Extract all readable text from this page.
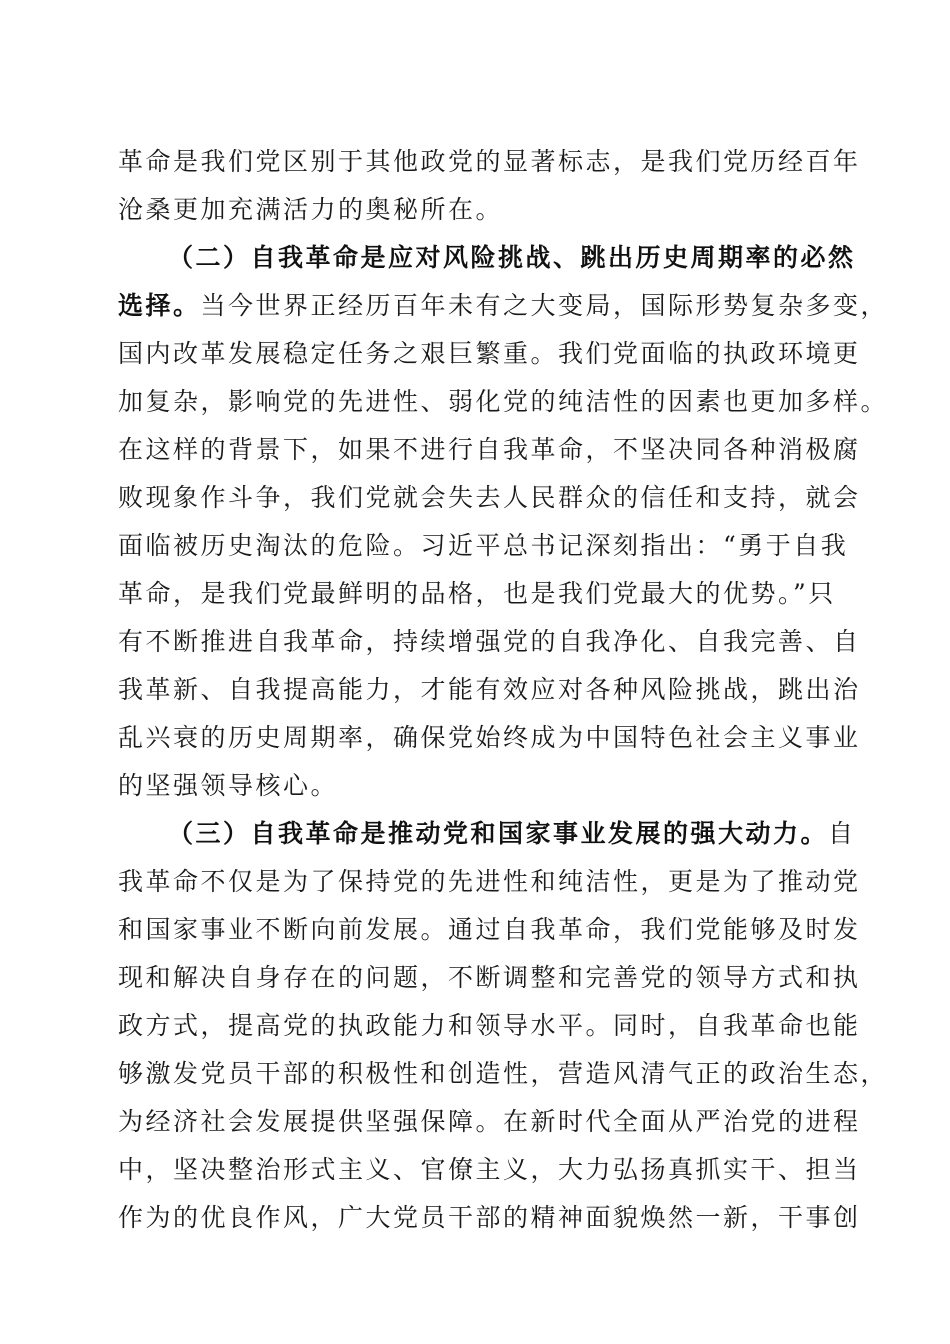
革命是我们党区别于其他政党的显著标志，是我们党历经百年
沧桑更加充满活力的奥秘所在。
（二）自我革命是应对风险挑战、跳出历史周期率的必然
选择。当今世界正经历百年未有之大变局，国际形势复杂多变，
国内改革发展稳定任务之艰巨繁重。我们党面临的执政环境更
加复杂，影响党的先进性、弱化党的纯洁性的因素也更加多样。
在这样的背景下，如果不进行自我革命，不坚决同各种消极腐
败现象作斗争，我们党就会失去人民群众的信任和支持，就会
面临被历史淘汰的危险。习近平总书记深刻指出：“勇于自我
革命，是我们党最鲜明的品格，也是我们党最大的优势。”只
有不断推进自我革命，持续增强党的自我净化、自我完善、自
我革新、自我提高能力，才能有效应对各种风险挑战，跳出治
乱兴衰的历史周期率，确保党始终成为中国特色社会主义事业
的坚强领导核心。
（三）自我革命是推动党和国家事业发展的强大动力。自
我革命不仅是为了保持党的先进性和纯洁性，更是为了推动党
和国家事业不断向前发展。通过自我革命，我们党能够及时发
现和解决自身存在的问题，不断调整和完善党的领导方式和执
政方式，提高党的执政能力和领导水平。同时，自我革命也能
够激发党员干部的积极性和创造性，营造风清气正的政治生态，
为经济社会发展提供坚强保障。在新时代全面从严治党的进程
中，坚决整治形式主义、官僚主义，大力弘扬真抓实干、担当
作为的优良作风，广大党员干部的精神面貌焕然一新，干事创
